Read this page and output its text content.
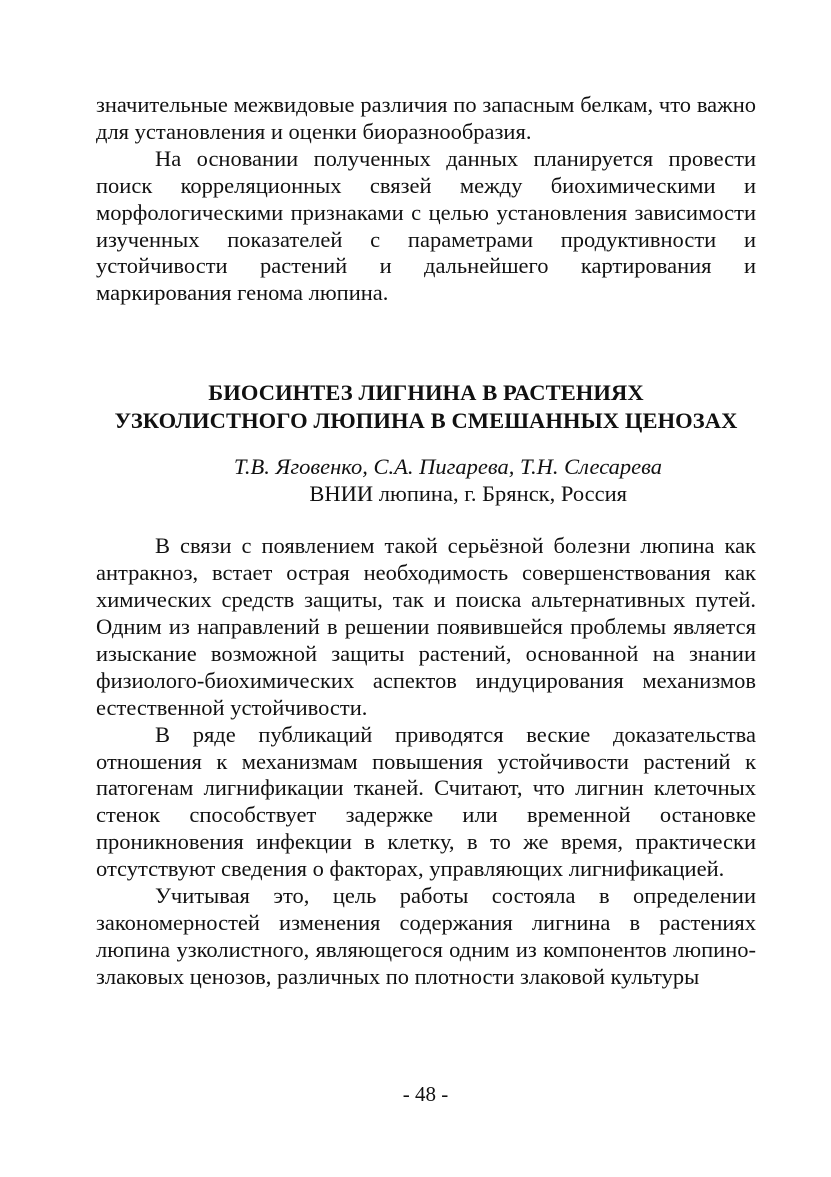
значительные межвидовые различия по запасным белкам, что важно для установления и оценки биоразнообразия.

На основании полученных данных планируется провести поиск корреляционных связей между биохимическими и морфологическими признаками с целью установления зависимости изученных показателей с параметрами продуктивности и устойчивости растений и дальнейшего картирования и маркирования генома люпина.

БИОСИНТЕЗ ЛИГНИНА В РАСТЕНИЯХ

УЗКОЛИСТНОГО ЛЮПИНА В СМЕШАННЫХ ЦЕНОЗАХ

Т.В. Яговенко, С.А. Пигарева, Т.Н. Слесарева

ВНИИ люпина, г. Брянск, Россия

В связи с появлением такой серьёзной болезни люпина как антракноз, встает острая необходимость совершенствования как химических средств защиты, так и поиска альтернативных путей. Одним из направлений в решении появившейся проблемы является изыскание возможной защиты растений, основанной на знании физиолого-биохимических аспектов индуцирования механизмов естественной устойчивости.

В ряде публикаций приводятся веские доказательства отношения к механизмам повышения устойчивости растений к патогенам лигнификации тканей. Считают, что лигнин клеточных стенок способствует задержке или временной остановке проникновения инфекции в клетку, в то же время, практически отсутствуют сведения о факторах, управляющих лигнификацией.

Учитывая это, цель работы состояла в определении закономерностей изменения содержания лигнина в растениях люпина узколистного, являющегося одним из компонентов люпино-злаковых ценозов, различных по плотности злаковой культуры

- 48 -
